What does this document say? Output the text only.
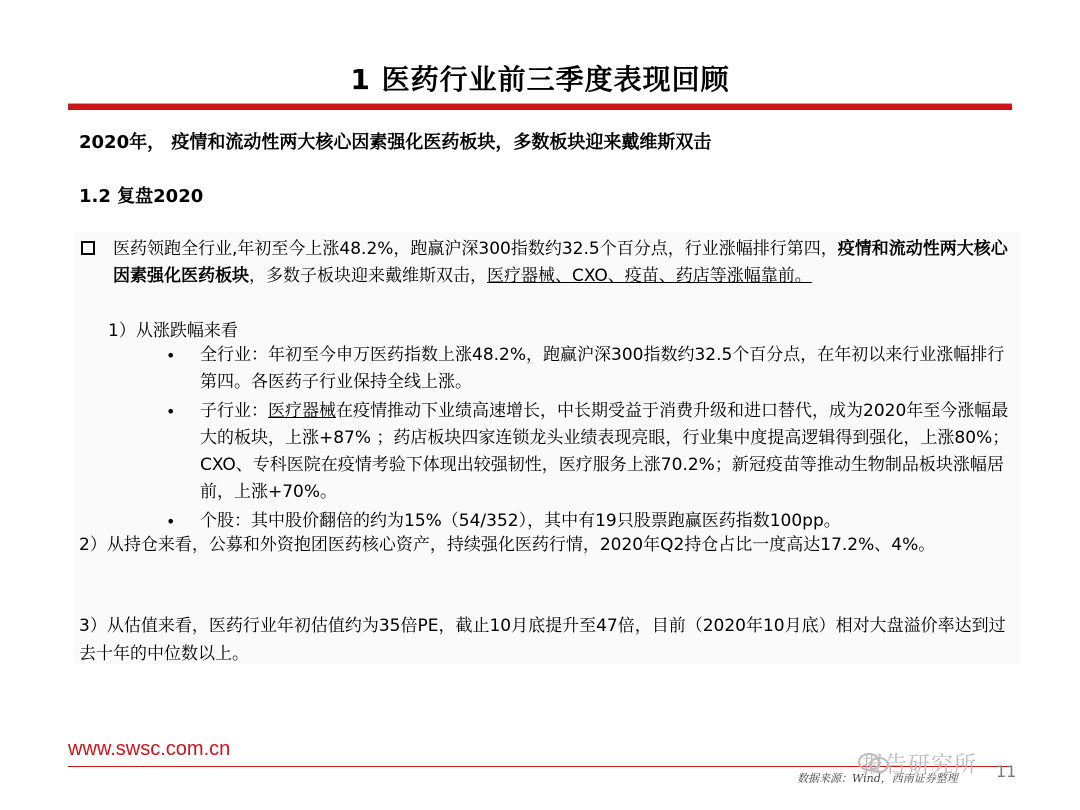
1 医药行业前三季度表现回顾
2020年， 疫情和流动性两大核心因素强化医药板块，多数板块迎来戴维斯双击
1.2 复盘2020
医药领跑全行业,年初至今上涨48.2%，跑赢沪深300指数约32.5个百分点，行业涨幅排行第四，疫情和流动性两大核心因素强化医药板块，多数子板块迎来戴维斯双击，医疗器械、CXO、疫苗、药店等涨幅靠前。
1）从涨跌幅来看
• 全行业：年初至今申万医药指数上涨48.2%，跑赢沪深300指数约32.5个百分点，在年初以来行业涨幅排行第四。各医药子行业保持全线上涨。
• 子行业：医疗器械在疫情推动下业绩高速增长，中长期受益于消费升级和进口替代，成为2020年至今涨幅最大的板块，上涨+87% ；药店板块四家连锁龙头业绩表现亮眼，行业集中度提高逻辑得到强化，上涨80%；CXO、专科医院在疫情考验下体现出较强韧性，医疗服务上涨70.2%；新冠疫苗等推动生物制品板块涨幅居前，上涨+70%。
• 个股：其中股价翻倍的约为15%（54/352），其中有19只股票跑赢医药指数100pp。
2）从持仓来看，公募和外资抱团医药核心资产，持续强化医药行情，2020年Q2持仓占比一度高达17.2%、4%。
3）从估值来看，医药行业年初估值约为35倍PE，截止10月底提升至47倍，目前（2020年10月底）相对大盘溢价率达到过去十年的中位数以上。
www.swsc.com.cn
报告研究所
数据来源：Wind，西南证券整理 11
